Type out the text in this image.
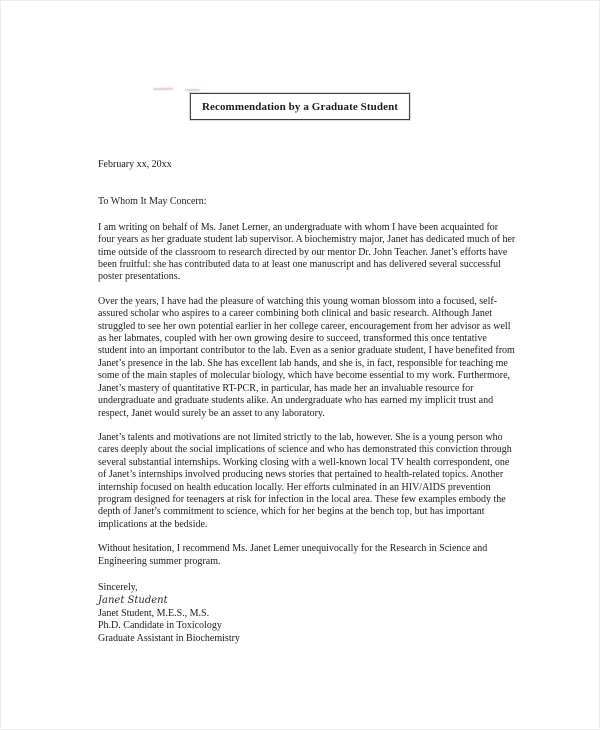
Recommendation by a Graduate Student
February xx, 20xx
To Whom It May Concern:

I am writing on behalf of Ms. Janet Lerner, an undergraduate with whom I have been acquainted for four years as her graduate student lab supervisor. A biochemistry major, Janet has dedicated much of her time outside of the classroom to research directed by our mentor Dr. John Teacher. Janet’s efforts have been fruitful: she has contributed data to at least one manuscript and has delivered several successful poster presentations.

Over the years, I have had the pleasure of watching this young woman blossom into a focused, self-assured scholar who aspires to a career combining both clinical and basic research. Although Janet struggled to see her own potential earlier in her college career, encouragement from her advisor as well as her labmates, coupled with her own growing desire to succeed, transformed this once tentative student into an important contributor to the lab. Even as a senior graduate student, I have benefited from Janet’s presence in the lab. She has excellent lab hands, and she is, in fact, responsible for teaching me some of the main staples of molecular biology, which have become essential to my work. Furthermore, Janet’s mastery of quantitative RT-PCR, in particular, has made her an invaluable resource for undergraduate and graduate students alike. An undergraduate who has earned my implicit trust and respect, Janet would surely be an asset to any laboratory.

Janet’s talents and motivations are not limited strictly to the lab, however. She is a young person who cares deeply about the social implications of science and who has demonstrated this conviction through several substantial internships. Working closing with a well-known local TV health correspondent, one of Janet’s internships involved producing news stories that pertained to health-related topics. Another internship focused on health education locally. Her efforts culminated in an HIV/AIDS prevention program designed for teenagers at risk for infection in the local area. These few examples embody the depth of Janet’s commitment to science, which for her begins at the bench top, but has important implications at the bedside.

Without hesitation, I recommend Ms. Janet Lemer unequivocally for the Research in Science and Engineering summer program.

Sincerely,
Janet Student
Janet Student, M.E.S., M.S.
Ph.D. Candidate in Toxicology
Graduate Assistant in Biochemistry
